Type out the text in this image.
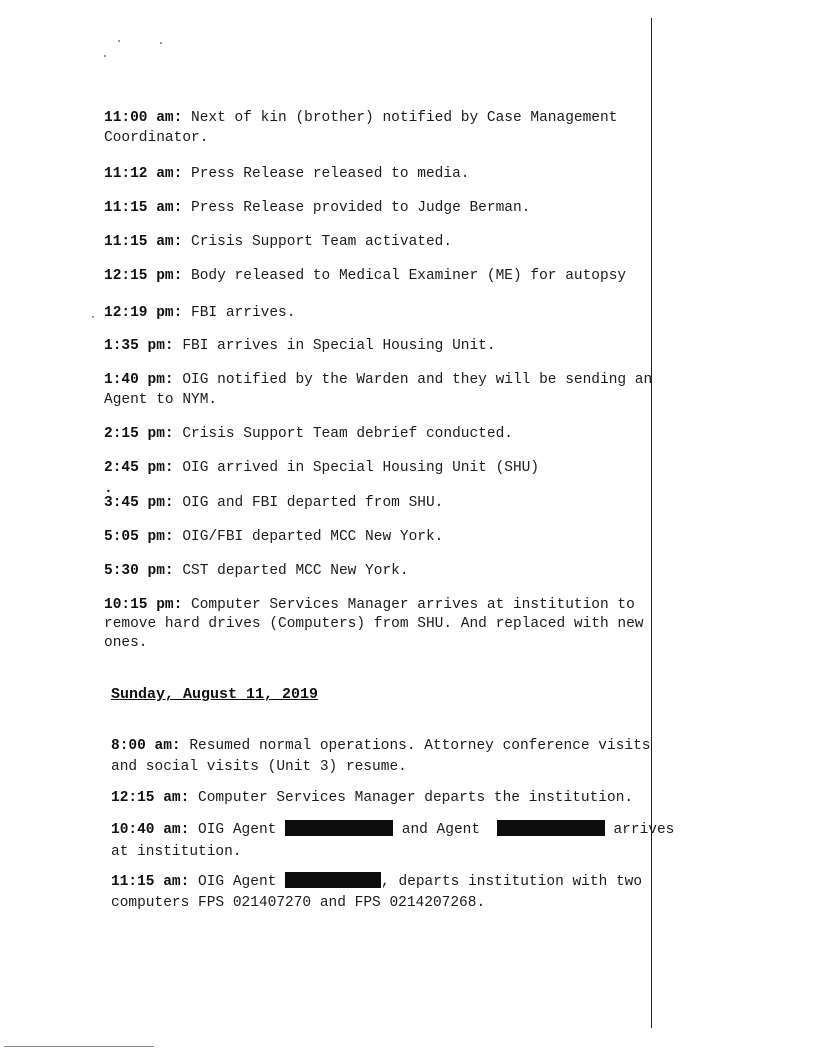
11:00 am: Next of kin (brother) notified by Case Management
Coordinator.
11:12 am: Press Release released to media.
11:15 am: Press Release provided to Judge Berman.
11:15 am: Crisis Support Team activated.
12:15 pm: Body released to Medical Examiner (ME) for autopsy
12:19 pm: FBI arrives.
1:35 pm: FBI arrives in Special Housing Unit.
1:40 pm: OIG notified by the Warden and they will be sending an
Agent to NYM.
2:15 pm: Crisis Support Team debrief conducted.
2:45 pm: OIG arrived in Special Housing Unit (SHU)
.
3:45 pm: OIG and FBI departed from SHU.
5:05 pm: OIG/FBI departed MCC New York.
5:30 pm: CST departed MCC New York.
10:15 pm: Computer Services Manager arrives at institution to
remove hard drives (Computers) from SHU. And replaced with new
ones.
Sunday, August 11, 2019
8:00 am: Resumed normal operations. Attorney conference visits
and social visits (Unit 3) resume.
12:15 am: Computer Services Manager departs the institution.
10:40 am: OIG Agent	and Agent	arrives
at institution.
11:15 am: OIG Agent	, departs institution with two
computers FPS 021407270 and FPS 0214207268.
